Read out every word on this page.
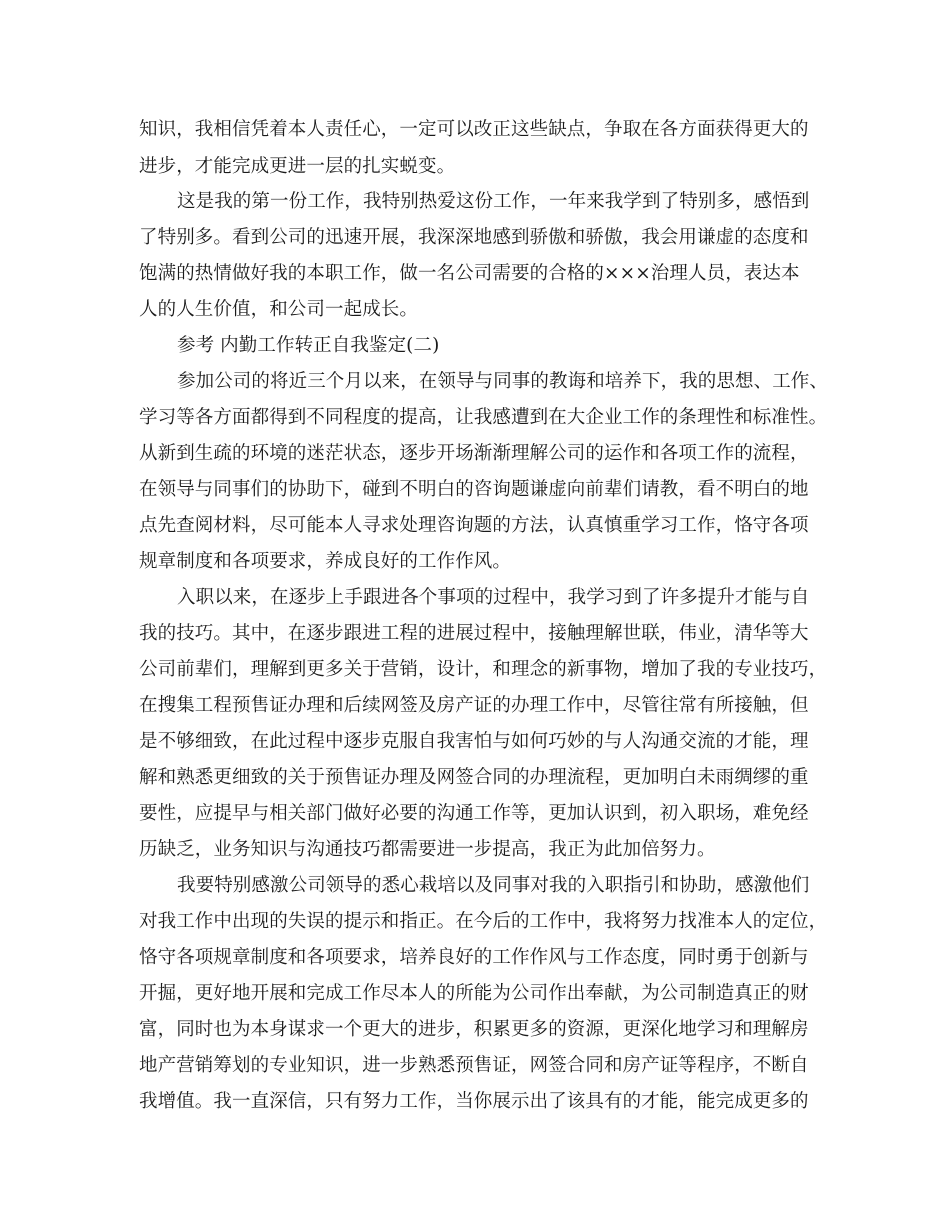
知识，我相信凭着本人责任心，一定可以改正这些缺点，争取在各方面获得更大的
进步，才能完成更进一层的扎实蜕变。
这是我的第一份工作，我特别热爱这份工作，一年来我学到了特别多，感悟到
了特别多。看到公司的迅速开展，我深深地感到骄傲和骄傲，我会用谦虚的态度和
饱满的热情做好我的本职工作，做一名公司需要的合格的×××治理人员，表达本
人的人生价值，和公司一起成长。
参考 内勤工作转正自我鉴定(二)
参加公司的将近三个月以来，在领导与同事的教诲和培养下，我的思想、工作、
学习等各方面都得到不同程度的提高，让我感遭到在大企业工作的条理性和标准性。
从新到生疏的环境的迷茫状态，逐步开场渐渐理解公司的运作和各项工作的流程，
在领导与同事们的协助下，碰到不明白的咨询题谦虚向前辈们请教，看不明白的地
点先查阅材料，尽可能本人寻求处理咨询题的方法，认真慎重学习工作，恪守各项
规章制度和各项要求，养成良好的工作作风。
入职以来，在逐步上手跟进各个事项的过程中，我学习到了许多提升才能与自
我的技巧。其中，在逐步跟进工程的进展过程中，接触理解世联，伟业，清华等大
公司前辈们，理解到更多关于营销，设计，和理念的新事物，增加了我的专业技巧，
在搜集工程预售证办理和后续网签及房产证的办理工作中，尽管往常有所接触，但
是不够细致，在此过程中逐步克服自我害怕与如何巧妙的与人沟通交流的才能，理
解和熟悉更细致的关于预售证办理及网签合同的办理流程，更加明白未雨绸缪的重
要性，应提早与相关部门做好必要的沟通工作等，更加认识到，初入职场，难免经
历缺乏，业务知识与沟通技巧都需要进一步提高，我正为此加倍努力。
我要特别感激公司领导的悉心栽培以及同事对我的入职指引和协助，感激他们
对我工作中出现的失误的提示和指正。在今后的工作中，我将努力找准本人的定位，
恪守各项规章制度和各项要求，培养良好的工作作风与工作态度，同时勇于创新与
开掘，更好地开展和完成工作尽本人的所能为公司作出奉献，为公司制造真正的财
富，同时也为本身谋求一个更大的进步，积累更多的资源，更深化地学习和理解房
地产营销筹划的专业知识，进一步熟悉预售证，网签合同和房产证等程序，不断自
我增值。我一直深信，只有努力工作，当你展示出了该具有的才能，能完成更多的
